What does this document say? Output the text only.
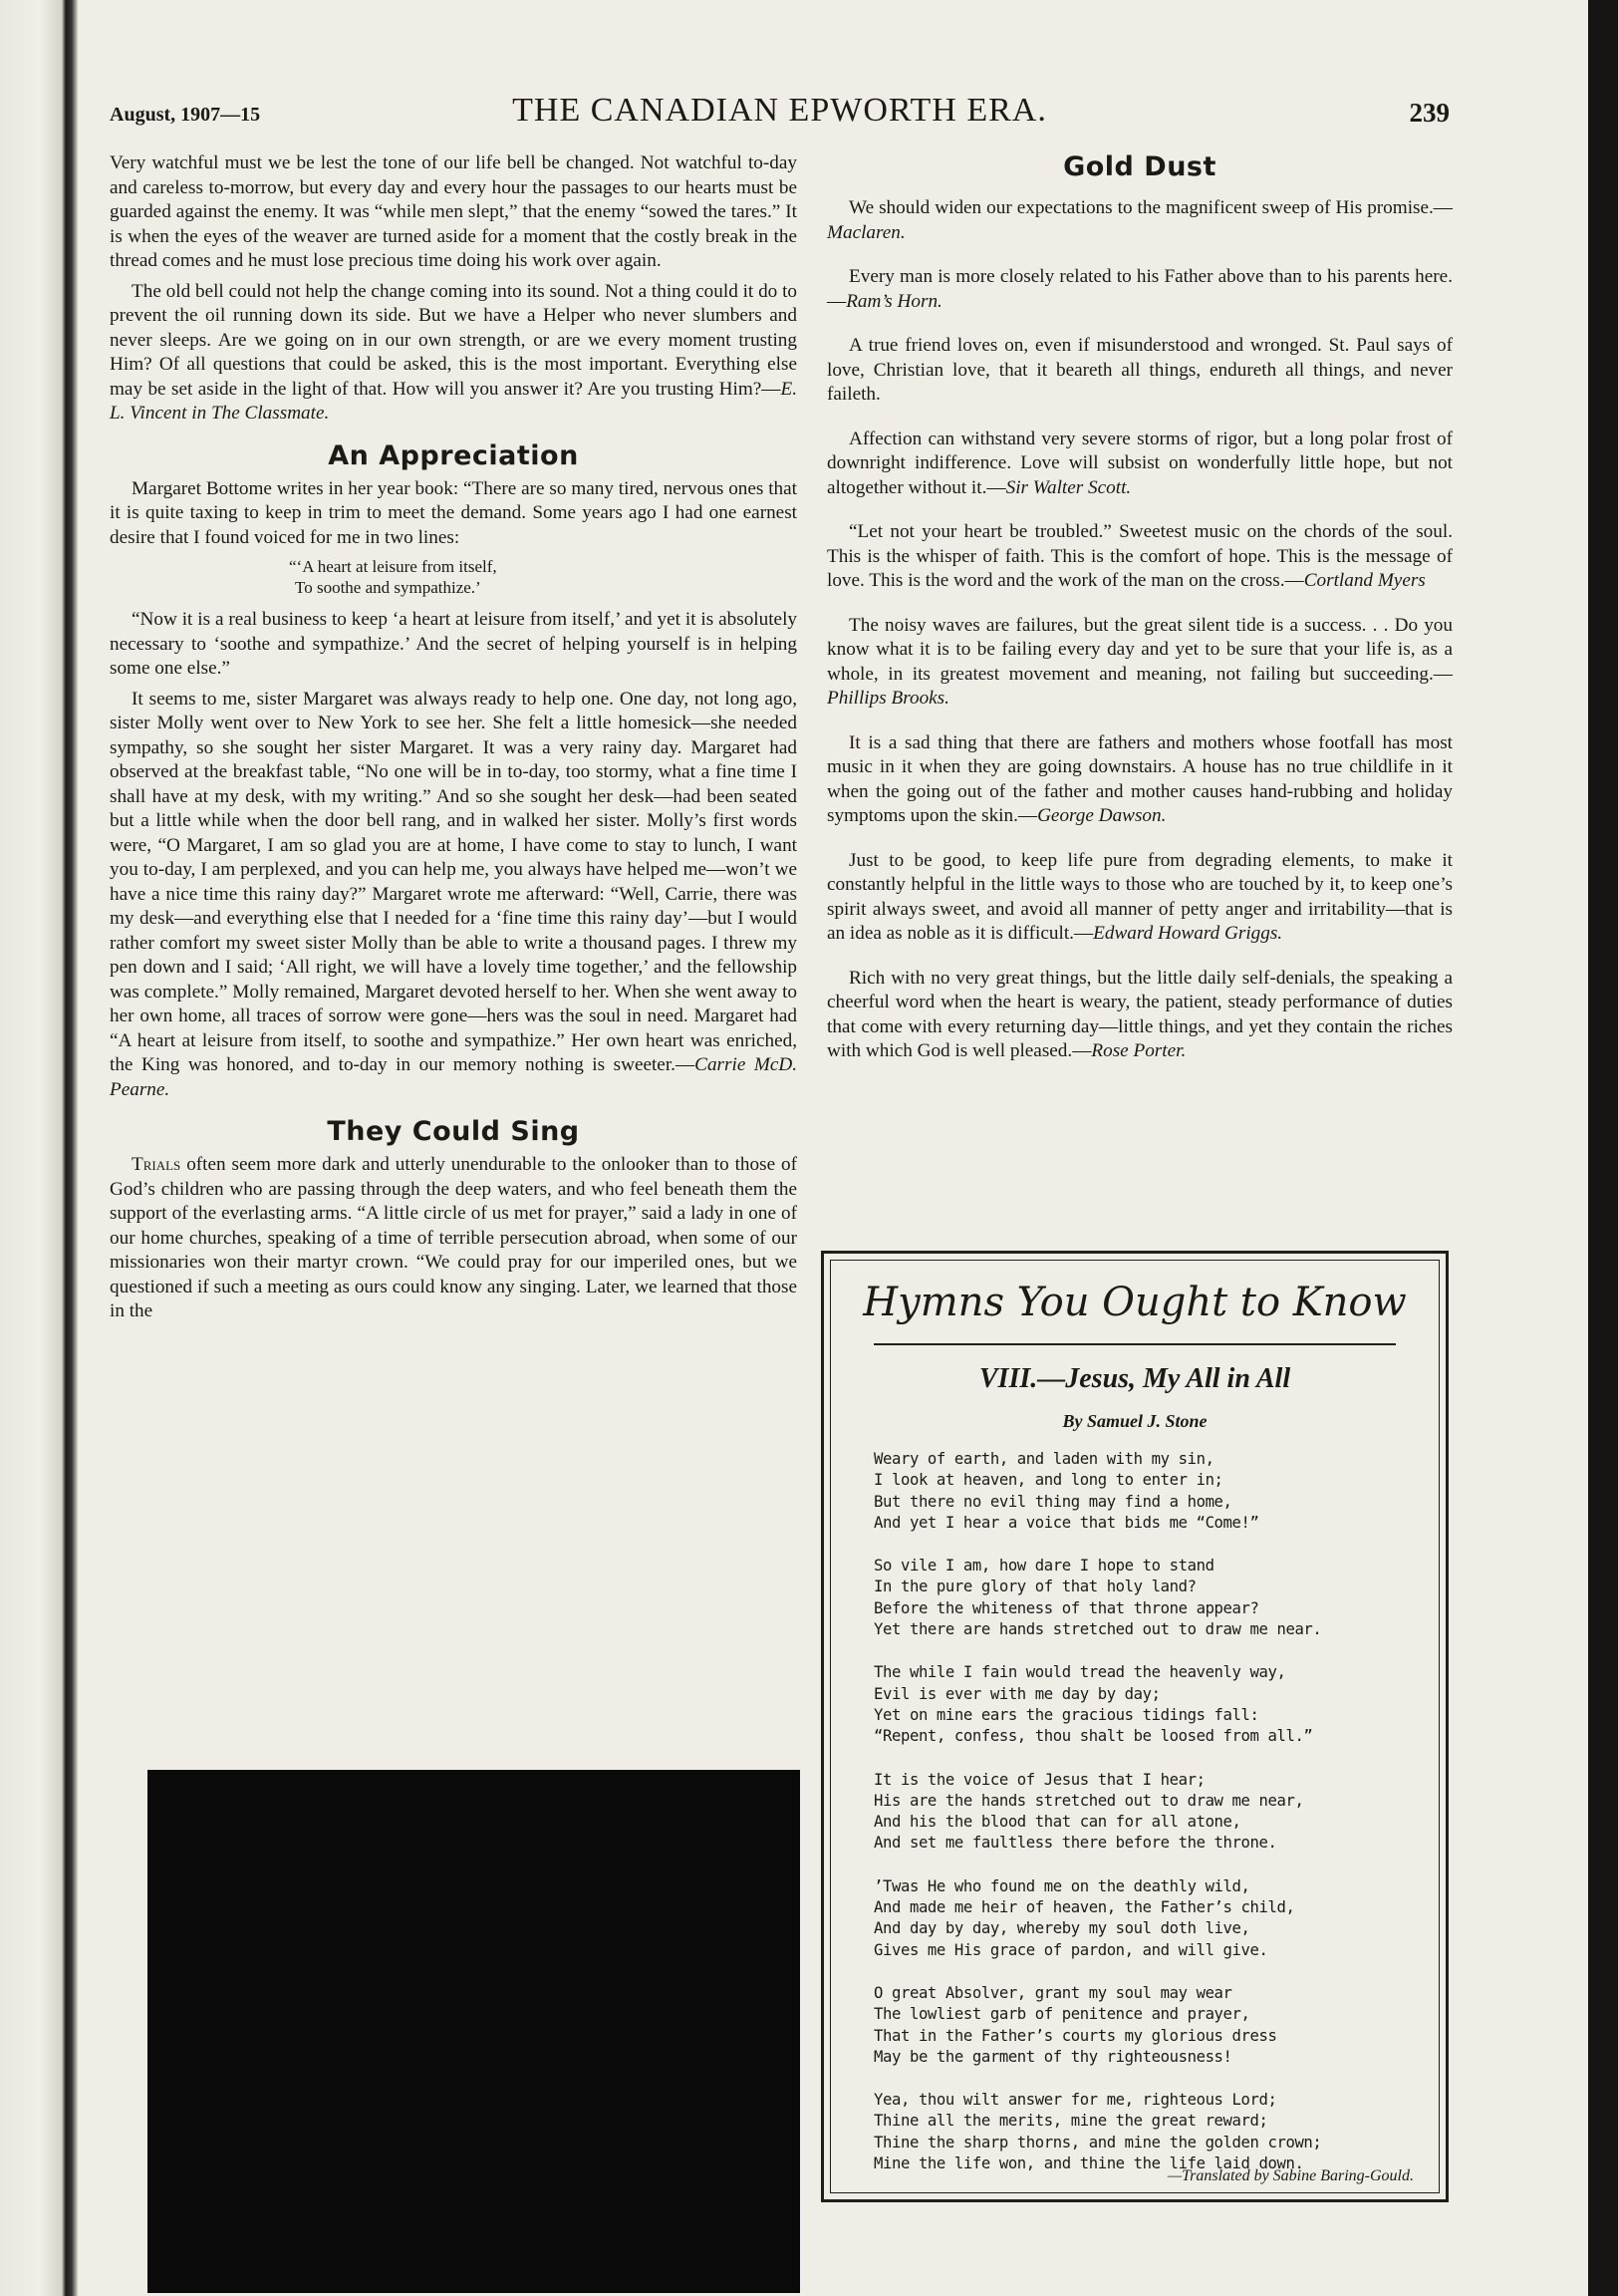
August, 1907—15	THE CANADIAN EPWORTH ERA.	239

Very watchful must we be lest the tone of our life bell be changed. Not watchful to-day and careless to-morrow, but every day and every hour the passages to our hearts must be guarded against the enemy. It was “while men slept,” that the enemy “sowed the tares.” It is when the eyes of the weaver are turned aside for a moment that the costly break in the thread comes and he must lose precious time doing his work over again.

The old bell could not help the change coming into its sound. Not a thing could it do to prevent the oil running down its side. But we have a Helper who never slumbers and never sleeps. Are we going on in our own strength, or are we every moment trusting Him? Of all questions that could be asked, this is the most important. Everything else may be set aside in the light of that. How will you answer it? Are you trusting Him?—E. L. Vincent in The Classmate.

An Appreciation

Margaret Bottome writes in her year book: “There are so many tired, nervous ones that it is quite taxing to keep in trim to meet the demand. Some years ago I had one earnest desire that I found voiced for me in two lines:

“‘A heart at leisure from itself,
To soothe and sympathize.’

“Now it is a real business to keep ‘a heart at leisure from itself,’ and yet it is absolutely necessary to ‘soothe and sympathize.’ And the secret of helping yourself is in helping some one else.”

It seems to me, sister Margaret was always ready to help one. One day, not long ago, sister Molly went over to New York to see her. She felt a little homesick—she needed sympathy, so she sought her sister Margaret. It was a very rainy day. Margaret had observed at the breakfast table, “No one will be in to-day, too stormy, what a fine time I shall have at my desk, with my writing.” And so she sought her desk—had been seated but a little while when the door bell rang, and in walked her sister. Molly’s first words were, “O Margaret, I am so glad you are at home, I have come to stay to lunch, I want you to-day, I am perplexed, and you can help me, you always have helped me—won’t we have a nice time this rainy day?” Margaret wrote me afterward: “Well, Carrie, there was my desk—and everything else that I needed for a ‘fine time this rainy day’—but I would rather comfort my sweet sister Molly than be able to write a thousand pages. I threw my pen down and I said; ‘All right, we will have a lovely time together,’ and the fellowship was complete.” Molly remained, Margaret devoted herself to her. When she went away to her own home, all traces of sorrow were gone—hers was the soul in need. Margaret had “A heart at leisure from itself, to soothe and sympathize.” Her own heart was enriched, the King was honored, and to-day in our memory nothing is sweeter.—Carrie McD. Pearne.

They Could Sing

Trials often seem more dark and utterly unendurable to the onlooker than to those of God’s children who are passing through the deep waters, and who feel beneath them the support of the everlasting arms. “A little circle of us met for prayer,” said a lady in one of our home churches, speaking of a time of terrible persecution abroad, when some of our missionaries won their martyr crown. “We could pray for our imperiled ones, but we questioned if such a meeting as ours could know any singing. Later, we learned that those in the

Gold Dust

We should widen our expectations to the magnificent sweep of His promise.—Maclaren.

Every man is more closely related to his Father above than to his parents here.—Ram’s Horn.

A true friend loves on, even if misunderstood and wronged. St. Paul says of love, Christian love, that it beareth all things, endureth all things, and never faileth.

Affection can withstand very severe storms of rigor, but a long polar frost of downright indifference. Love will subsist on wonderfully little hope, but not altogether without it.—Sir Walter Scott.

“Let not your heart be troubled.” Sweetest music on the chords of the soul. This is the whisper of faith. This is the comfort of hope. This is the message of love. This is the word and the work of the man on the cross.—Cortland Myers

The noisy waves are failures, but the great silent tide is a success. . . Do you know what it is to be failing every day and yet to be sure that your life is, as a whole, in its greatest movement and meaning, not failing but succeeding.—Phillips Brooks.

It is a sad thing that there are fathers and mothers whose footfall has most music in it when they are going downstairs. A house has no true childlife in it when the going out of the father and mother causes hand-rubbing and holiday symptoms upon the skin.—George Dawson.

Just to be good, to keep life pure from degrading elements, to make it constantly helpful in the little ways to those who are touched by it, to keep one’s spirit always sweet, and avoid all manner of petty anger and irritability—that is an idea as noble as it is difficult.—Edward Howard Griggs.

Rich with no very great things, but the little daily self-denials, the speaking a cheerful word when the heart is weary, the patient, steady performance of duties that come with every returning day—little things, and yet they contain the riches with which God is well pleased.—Rose Porter.

Hymns You Ought to Know
VIII.—Jesus, My All in All
By Samuel J. Stone
Weary of earth, and laden with my sin,
I look at heaven, and long to enter in;
But there no evil thing may find a home,
And yet I hear a voice that bids me “Come!”
So vile I am, how dare I hope to stand
In the pure glory of that holy land?
Before the whiteness of that throne appear?
Yet there are hands stretched out to draw me near.
The while I fain would tread the heavenly way,
Evil is ever with me day by day;
Yet on mine ears the gracious tidings fall:
“Repent, confess, thou shalt be loosed from all.”
It is the voice of Jesus that I hear;
His are the hands stretched out to draw me near,
And his the blood that can for all atone,
And set me faultless there before the throne.
’Twas He who found me on the deathly wild,
And made me heir of heaven, the Father’s child,
And day by day, whereby my soul doth live,
Gives me His grace of pardon, and will give.
O great Absolver, grant my soul may wear
The lowliest garb of penitence and prayer,
That in the Father’s courts my glorious dress
May be the garment of thy righteousness!
Yea, thou wilt answer for me, righteous Lord;
Thine all the merits, mine the great reward;
Thine the sharp thorns, and mine the golden crown;
Mine the life won, and thine the life laid down.
—Translated by Sabine Baring-Gould.
